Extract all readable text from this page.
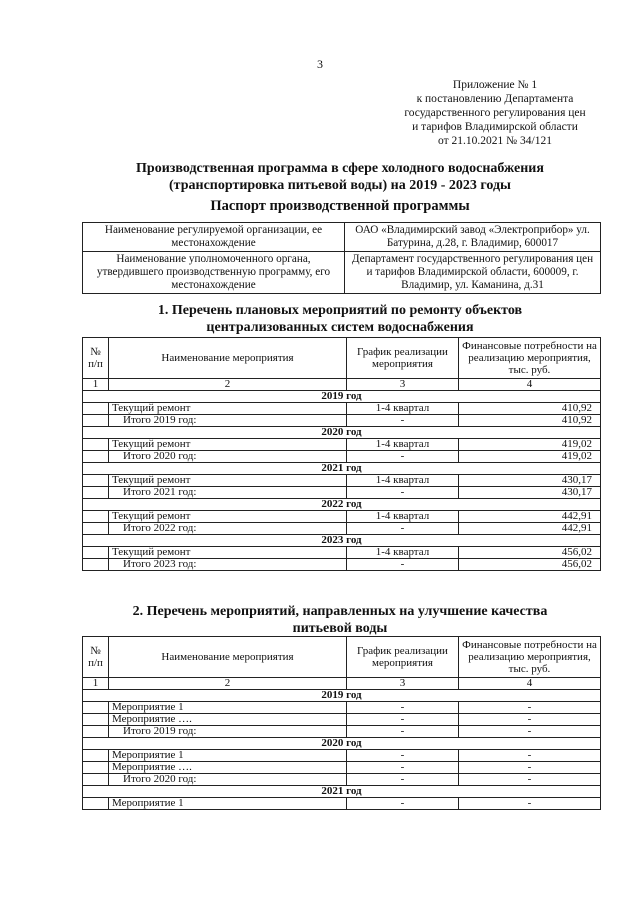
3
Приложение № 1
к постановлению Департамента
государственного регулирования цен
и тарифов Владимирской области
от 21.10.2021 № 34/121
Производственная программа в сфере холодного водоснабжения
(транспортировка питьевой воды) на 2019 - 2023 годы
Паспорт производственной программы
Наименование регулируемой организации, ее местонахождение	ОАО «Владимирский завод «Электроприбор» ул. Батурина, д.28, г. Владимир, 600017
Наименование уполномоченного органа, утвердившего производственную программу, его местонахождение	Департамент государственного регулирования цен и тарифов Владимирской области, 600009, г. Владимир, ул. Каманина, д.31
1. Перечень плановых мероприятий по ремонту объектов
централизованных систем водоснабжения
№ п/п	Наименование мероприятия	График реализации мероприятия	Финансовые потребности на реализацию мероприятия, тыс. руб.
1	2	3	4
2019 год			
	Текущий ремонт	1-4 квартал	410,92
	Итого 2019 год:	-	410,92
2020 год			
	Текущий ремонт	1-4 квартал	419,02
	Итого 2020 год:	-	419,02
2021 год			
	Текущий ремонт	1-4 квартал	430,17
	Итого 2021 год:	-	430,17
2022 год			
	Текущий ремонт	1-4 квартал	442,91
	Итого 2022 год:	-	442,91
2023 год			
	Текущий ремонт	1-4 квартал	456,02
	Итого 2023 год:	-	456,02
2. Перечень мероприятий, направленных на улучшение качества
питьевой воды
№ п/п	Наименование мероприятия	График реализации мероприятия	Финансовые потребности на реализацию мероприятия, тыс. руб.
1	2	3	4
2019 год			
	Мероприятие 1	-	-
	Мероприятие ….	-	-
	Итого 2019 год:	-	-
2020 год			
	Мероприятие 1	-	-
	Мероприятие ….	-	-
	Итого 2020 год:	-	-
2021 год			
	Мероприятие 1	-	-
